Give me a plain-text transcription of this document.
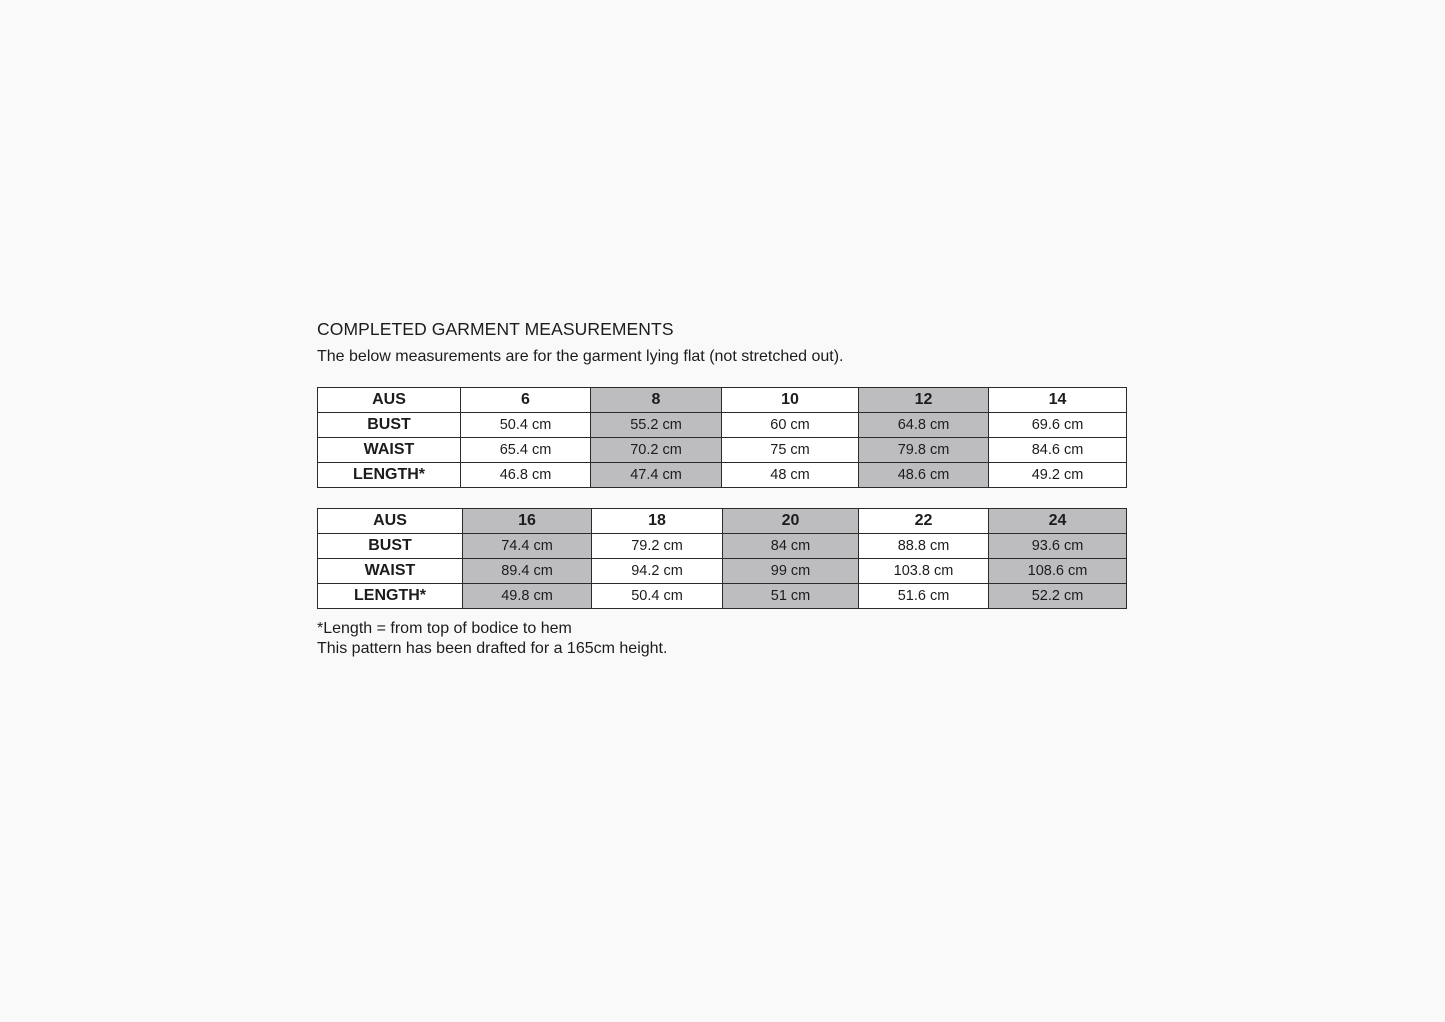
COMPLETED GARMENT MEASUREMENTS

The below measurements are for the garment lying flat (not stretched out).

AUS	6	8	10	12	14
BUST	50.4 cm	55.2 cm	60 cm	64.8 cm	69.6 cm
WAIST	65.4 cm	70.2 cm	75 cm	79.8 cm	84.6 cm
LENGTH*	46.8 cm	47.4 cm	48 cm	48.6 cm	49.2 cm
AUS	16	18	20	22	24
BUST	74.4 cm	79.2 cm	84 cm	88.8 cm	93.6 cm
WAIST	89.4 cm	94.2 cm	99 cm	103.8 cm	108.6 cm
LENGTH*	49.8 cm	50.4 cm	51 cm	51.6 cm	52.2 cm
*Length = from top of bodice to hem
This pattern has been drafted for a 165cm height.
